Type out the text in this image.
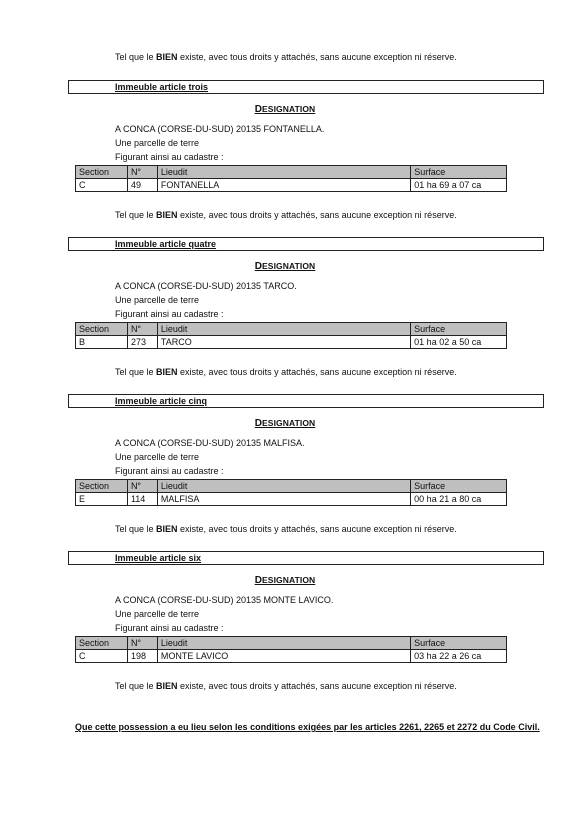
Tel que le BIEN existe, avec tous droits y attachés, sans aucune exception ni réserve.
Immeuble article trois
DESIGNATION
A CONCA (CORSE-DU-SUD) 20135 FONTANELLA.
Une parcelle de terre
Figurant ainsi au cadastre :
Section	N°	Lieudit	Surface
C	49	FONTANELLA	01 ha 69 a 07 ca
Tel que le BIEN existe, avec tous droits y attachés, sans aucune exception ni réserve.
Immeuble article quatre
DESIGNATION
A CONCA (CORSE-DU-SUD) 20135 TARCO.
Une parcelle de terre
Figurant ainsi au cadastre :
Section	N°	Lieudit	Surface
B	273	TARCO	01 ha 02 a 50 ca
Tel que le BIEN existe, avec tous droits y attachés, sans aucune exception ni réserve.
Immeuble article cinq
DESIGNATION
A CONCA (CORSE-DU-SUD) 20135 MALFISA.
Une parcelle de terre
Figurant ainsi au cadastre :
Section	N°	Lieudit	Surface
E	114	MALFISA	00 ha 21 a 80 ca
Tel que le BIEN existe, avec tous droits y attachés, sans aucune exception ni réserve.
Immeuble article six
DESIGNATION
A CONCA (CORSE-DU-SUD) 20135 MONTE LAVICO.
Une parcelle de terre
Figurant ainsi au cadastre :
Section	N°	Lieudit	Surface
C	198	MONTE LAVICO	03 ha 22 a 26 ca
Tel que le BIEN existe, avec tous droits y attachés, sans aucune exception ni réserve.
Que cette possession a eu lieu selon les conditions exigées par les articles 2261, 2265 et 2272 du Code Civil.
